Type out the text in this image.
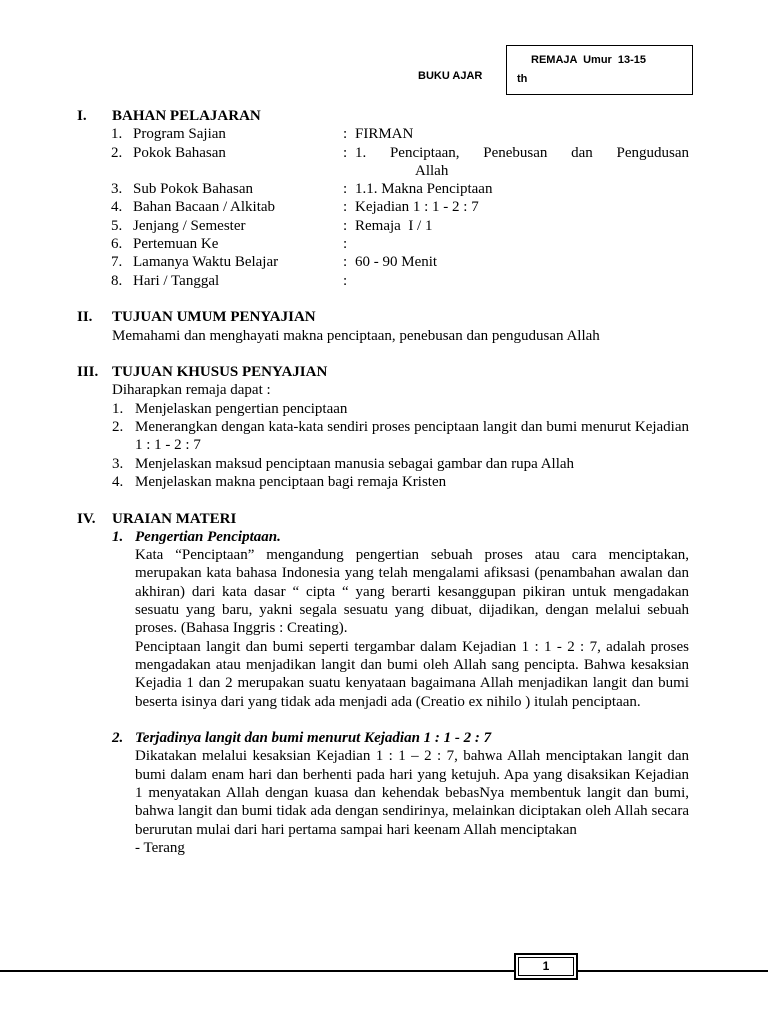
BUKU AJAR
REMAJA Umur 13-15
th
I. BAHAN PELAJARAN
1.	Program Sajian	:	FIRMAN
2.	Pokok Bahasan	:	1. Penciptaan, Penebusan dan Pengudusan
Allah

3.	Sub Pokok Bahasan	:	1.1. Makna Penciptaan
4.	Bahan Bacaan / Alkitab	:	Kejadian 1 : 1 - 2 : 7
5.	Jenjang / Semester	:	Remaja  I / 1
6.	Pertemuan Ke	:	
7.	Lamanya Waktu Belajar	:	60 - 90 Menit
8.	Hari / Tanggal	:	
II. TUJUAN UMUM PENYAJIAN
Memahami dan menghayati makna penciptaan, penebusan dan pengudusan Allah
III. TUJUAN KHUSUS PENYAJIAN
Diharapkan remaja dapat :
1. Menjelaskan pengertian penciptaan
2. Menerangkan dengan kata-kata sendiri proses penciptaan langit dan bumi menurut Kejadian 1 : 1 - 2 : 7
3. Menjelaskan maksud penciptaan manusia sebagai gambar dan rupa Allah
4. Menjelaskan makna penciptaan bagi remaja Kristen
IV. URAIAN MATERI
1. Pengertian Penciptaan.
Kata “Penciptaan” mengandung pengertian sebuah proses atau cara menciptakan, merupakan kata bahasa Indonesia yang telah mengalami afiksasi (penambahan awalan dan akhiran) dari kata dasar “ cipta “ yang berarti kesanggupan pikiran untuk mengadakan sesuatu yang baru, yakni segala sesuatu yang dibuat, dijadikan, dengan melalui sebuah proses. (Bahasa Inggris : Creating).
Penciptaan langit dan bumi seperti tergambar dalam Kejadian 1 : 1 - 2 : 7, adalah proses mengadakan atau menjadikan langit dan bumi oleh Allah sang pencipta. Bahwa kesaksian Kejadia 1 dan 2 merupakan suatu kenyataan bagaimana Allah menjadikan langit dan bumi beserta isinya dari yang tidak ada menjadi ada (Creatio ex nihilo ) itulah penciptaan.
2. Terjadinya langit dan bumi menurut Kejadian 1 : 1 - 2 : 7
Dikatakan melalui kesaksian Kejadian 1 : 1 – 2 : 7, bahwa Allah menciptakan langit dan bumi dalam enam hari dan berhenti pada hari yang ketujuh. Apa yang disaksikan Kejadian 1 menyatakan Allah dengan kuasa dan kehendak bebasNya membentuk langit dan bumi, bahwa langit dan bumi tidak ada dengan sendirinya, melainkan diciptakan oleh Allah secara berurutan mulai dari hari pertama sampai hari keenam Allah menciptakan
- Terang
1
